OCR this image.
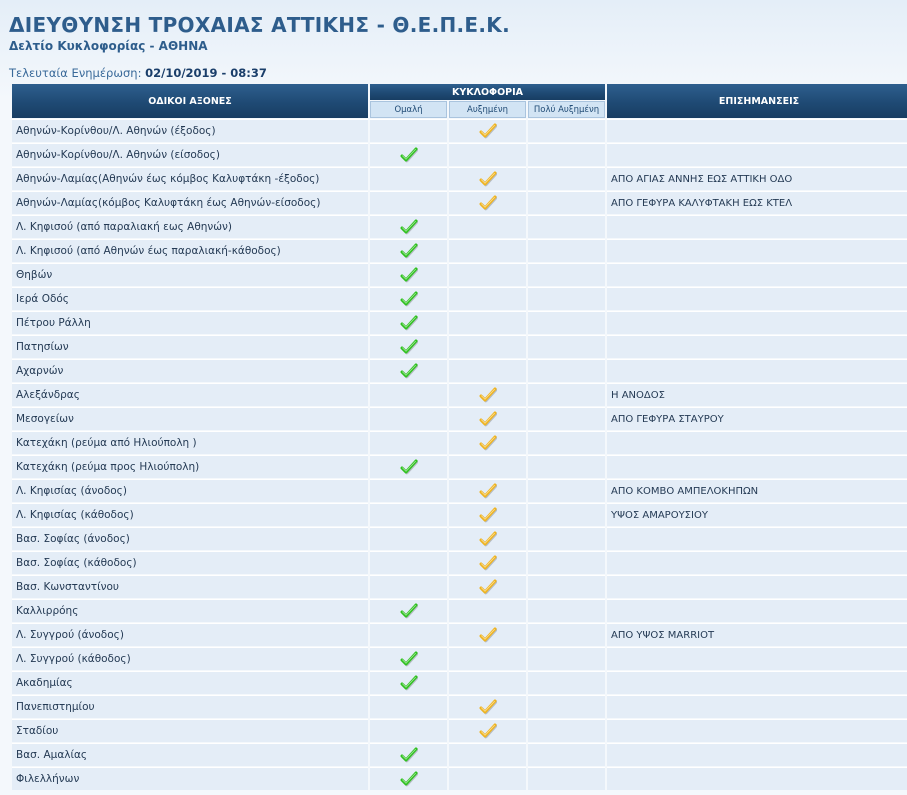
ΔΙΕΥΘΥΝΣΗ ΤΡΟΧΑΙΑΣ ΑΤΤΙΚΗΣ - Θ.Ε.Π.Ε.Κ.
Δελτίο Κυκλοφορίας - ΑΘΗΝΑ
Τελευταία Ενημέρωση: 02/10/2019 - 08:37
ΟΔΙΚΟΙ ΑΞΟΝΕΣ	ΚΥΚΛΟΦΟΡΙΑ			ΕΠΙΣΗΜΑΝΣΕΙΣ
	Ομαλή	Αυξημένη	Πολύ Αυξημένη	
Αθηνών-Κορίνθου/Λ. Αθηνών (έξοδος)				
Αθηνών-Κορίνθου/Λ. Αθηνών (είσοδος)				
Αθηνών-Λαμίας(Αθηνών έως κόμβος Καλυφτάκη -έξοδος)				ΑΠΟ ΑΓΙΑΣ ΑΝΝΗΣ ΕΩΣ ΑΤΤΙΚΗ ΟΔΟ
Αθηνών-Λαμίας(κόμβος Καλυφτάκη έως Αθηνών-είσοδος)				ΑΠΟ ΓΕΦΥΡΑ ΚΑΛΥΦΤΑΚΗ ΕΩΣ ΚΤΕΛ
Λ. Κηφισού (από παραλιακή εως Αθηνών)				
Λ. Κηφισού (από Αθηνών έως παραλιακή-κάθοδος)				
Θηβών				
Ιερά Οδός				
Πέτρου Ράλλη				
Πατησίων				
Αχαρνών				
Αλεξάνδρας				Η ΑΝΟΔΟΣ
Μεσογείων				ΑΠΟ ΓΕΦΥΡΑ ΣΤΑΥΡΟΥ
Κατεχάκη (ρεύμα από Ηλιούπολη )				
Κατεχάκη (ρεύμα προς Ηλιούπολη)				
Λ. Κηφισίας (άνοδος)				ΑΠΟ ΚΟΜΒΟ ΑΜΠΕΛΟΚΗΠΩΝ
Λ. Κηφισίας (κάθοδος)				ΥΨΟΣ ΑΜΑΡΟΥΣΙΟΥ
Βασ. Σοφίας (άνοδος)				
Βασ. Σοφίας (κάθοδος)				
Βασ. Κωνσταντίνου				
Καλλιρρόης				
Λ. Συγγρού (άνοδος)				ΑΠΟ ΥΨΟΣ MARRIOT
Λ. Συγγρού (κάθοδος)				
Ακαδημίας				
Πανεπιστημίου				
Σταδίου				
Βασ. Αμαλίας				
Φιλελλήνων				
